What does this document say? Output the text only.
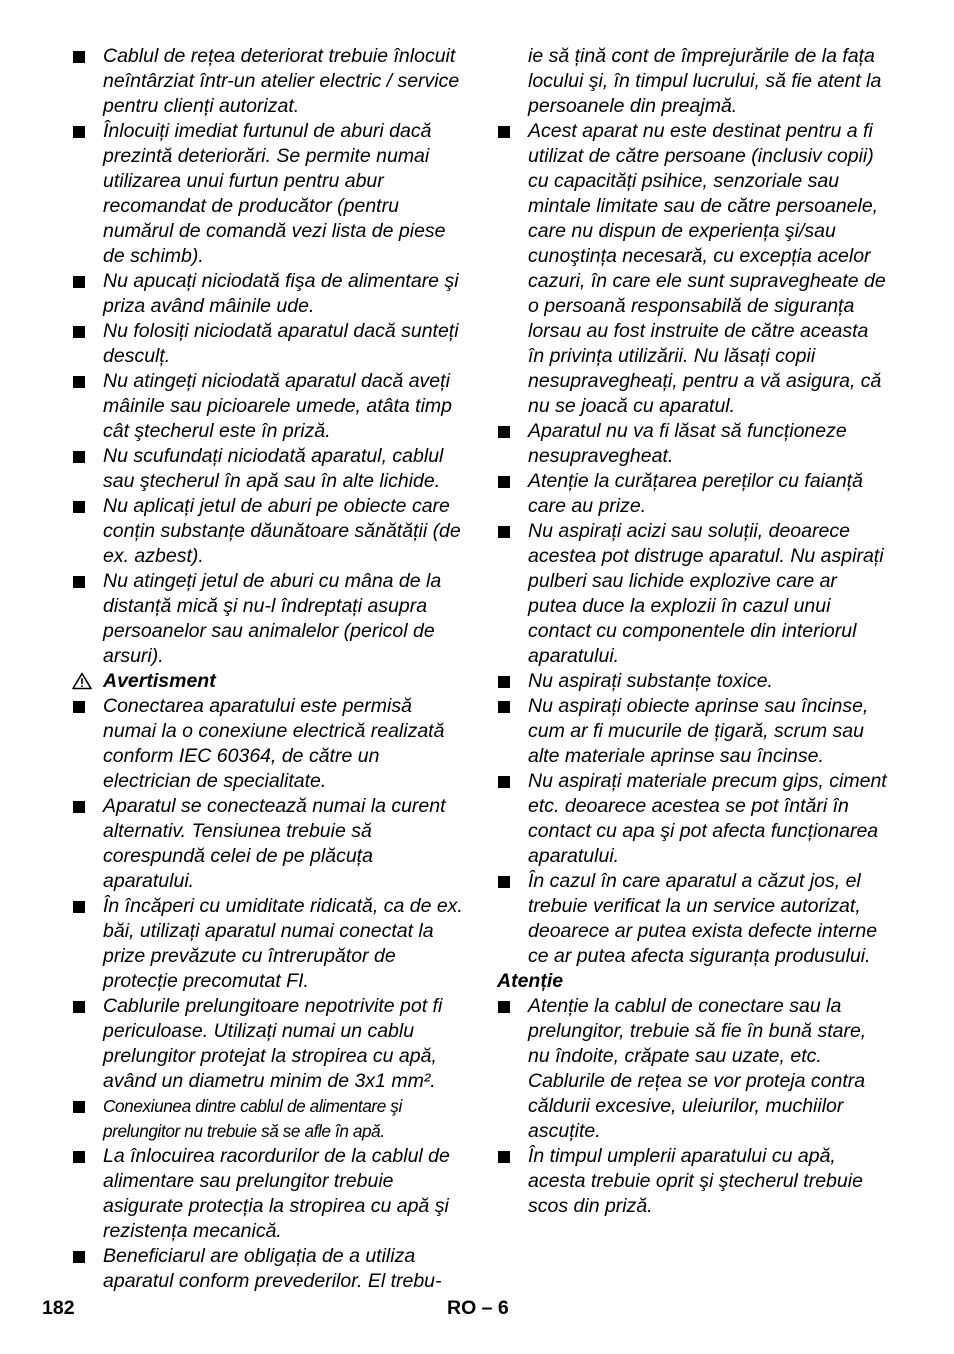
Cablul de rețea deteriorat trebuie înlocuit neîntârziat într-un atelier electric / service pentru clienți autorizat.
Înlocuiți imediat furtunul de aburi dacă prezintă deteriorări. Se permite numai utilizarea unui furtun pentru abur recomandat de producător (pentru numărul de comandă vezi lista de piese de schimb).
Nu apucați niciodată fişa de alimentare şi priza având mâinile ude.
Nu folosiți niciodată aparatul dacă sunteți desculț.
Nu atingeți niciodată aparatul dacă aveți mâinile sau picioarele umede, atâta timp cât ştecherul este în priză.
Nu scufundați niciodată aparatul, cablul sau ştecherul în apă sau în alte lichide.
Nu aplicați jetul de aburi pe obiecte care conțin substanțe dăunătoare sănătății (de ex. azbest).
Nu atingeți jetul de aburi cu mâna de la distanță mică şi nu-l îndreptați asupra persoanelor sau animalelor (pericol de arsuri).
Avertisment
Conectarea aparatului este permisă numai la o conexiune electrică realizată conform IEC 60364, de către un electrician de specialitate.
Aparatul se conectează numai la curent alternativ. Tensiunea trebuie să corespundă celei de pe plăcuța aparatului.
În încăperi cu umiditate ridicată, ca de ex. băi, utilizați aparatul numai conectat la prize prevăzute cu întrerupător de protecție precomutat FI.
Cablurile prelungitoare nepotrivite pot fi periculoase. Utilizați numai un cablu prelungitor protejat la stropirea cu apă, având un diametru minim de 3x1 mm².
Conexiunea dintre cablul de alimentare şi prelungitor nu trebuie să se afle în apă.
La înlocuirea racordurilor de la cablul de alimentare sau prelungitor trebuie asigurate protecția la stropirea cu apă şi rezistența mecanică.
Beneficiarul are obligația de a utiliza aparatul conform prevederilor. El trebu-
ie să țină cont de împrejurările de la fața locului şi, în timpul lucrului, să fie atent la persoanele din preajmă.
Acest aparat nu este destinat pentru a fi utilizat de către persoane (inclusiv copii) cu capacități psihice, senzoriale sau mintale limitate sau de către persoanele, care nu dispun de experiența şi/sau cunoştința necesară, cu excepția acelor cazuri, în care ele sunt supravegheate de o persoană responsabilă de siguranța lorsau au fost instruite de către aceasta în privința utilizării. Nu lăsați copii nesupravegheați, pentru a vă asigura, că nu se joacă cu aparatul.
Aparatul nu va fi lăsat să funcționeze nesupravegheat.
Atenție la curățarea pereților cu faianță care au prize.
Nu aspirați acizi sau soluții, deoarece acestea pot distruge aparatul. Nu aspirați pulberi sau lichide explozive care ar putea duce la explozii în cazul unui contact cu componentele din interiorul aparatului.
Nu aspirați substanțe toxice.
Nu aspirați obiecte aprinse sau încinse, cum ar fi mucurile de țigară, scrum sau alte materiale aprinse sau încinse.
Nu aspirați materiale precum gips, ciment etc. deoarece acestea se pot întări în contact cu apa şi pot afecta funcționarea aparatului.
În cazul în care aparatul a căzut jos, el trebuie verificat la un service autorizat, deoarece ar putea exista defecte interne ce ar putea afecta siguranța produsului.
Atenție
Atenție la cablul de conectare sau la prelungitor, trebuie să fie în bună stare, nu îndoite, crăpate sau uzate, etc. Cablurile de rețea se vor proteja contra căldurii excesive, uleiurilor, muchiilor ascuțite.
În timpul umplerii aparatului cu apă, acesta trebuie oprit şi ştecherul trebuie scos din priză.
182	RO – 6
